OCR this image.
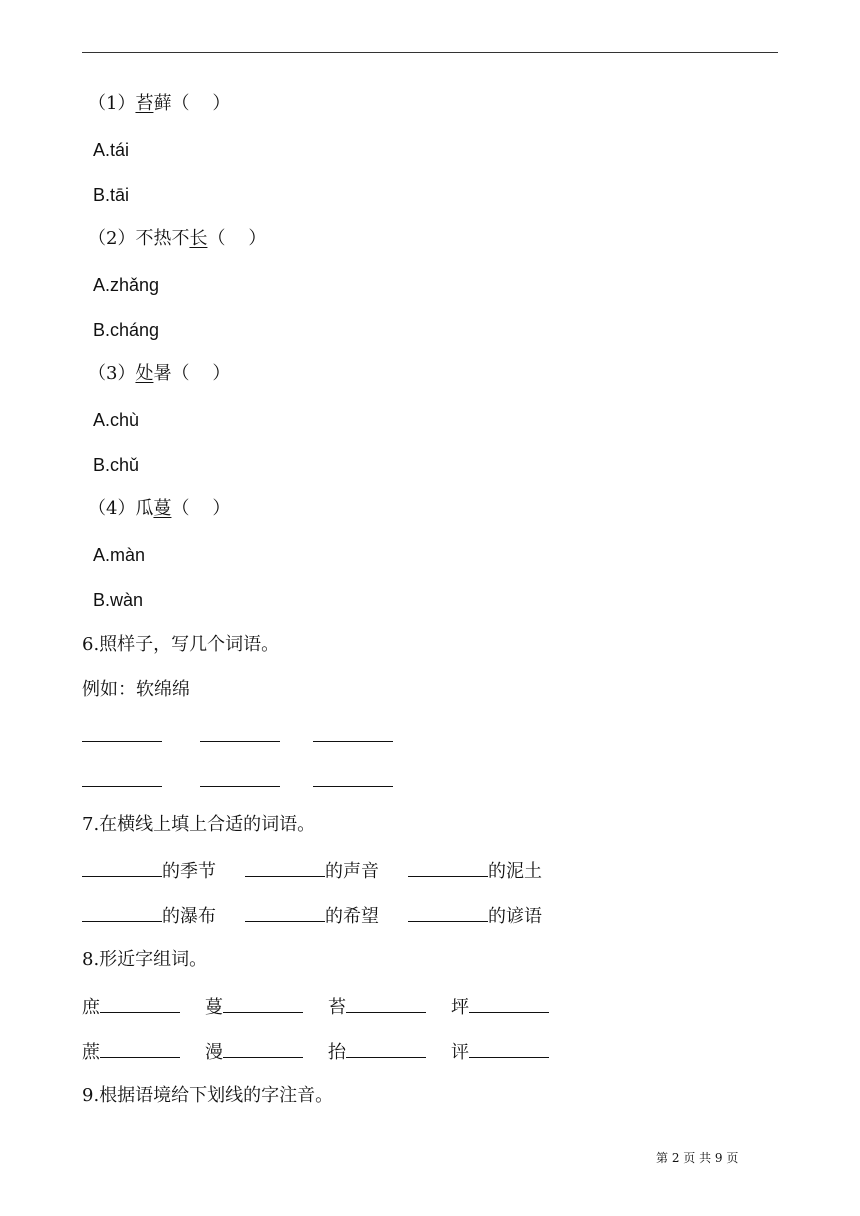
（1）苔藓（    ）
A.tái
B.tāi
（2）不热不长（    ）
A.zhǎng
B.cháng
（3）处暑（    ）
A.chù
B.chǔ
（4）瓜蔓（    ）
A.màn
B.wàn
6.照样子，写几个词语。
例如：软绵绵
7.在横线上填上合适的词语。
的季节	的声音	的泥土
的瀑布	的希望	的谚语
8.形近字组词。
庶	蔓	苔	坪
蔗	漫	抬	评
9.根据语境给下划线的字注音。
第 2 页 共 9 页
